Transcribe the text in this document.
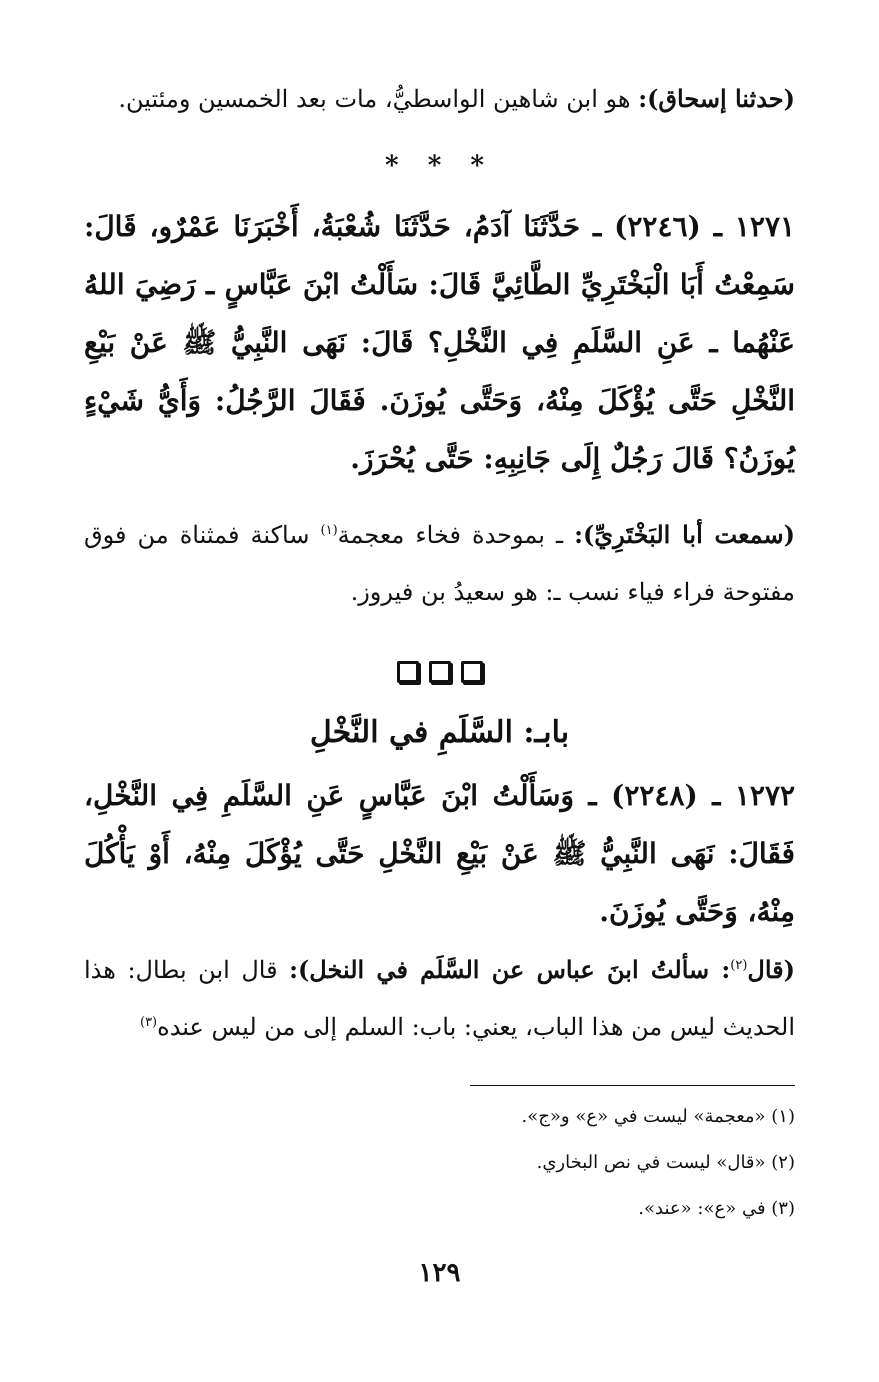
(حدثنا إسحاق): هو ابن شاهين الواسطيُّ، مات بعد الخمسين ومئتين.

* * *

١٢٧١ ـ (٢٢٤٦) ـ حَدَّثَنَا آدَمُ، حَدَّثَنَا شُعْبَةُ، أَخْبَرَنَا عَمْرٌو، قَالَ: سَمِعْتُ أَبَا الْبَخْتَرِيِّ الطَّائِيَّ قَالَ: سَأَلْتُ ابْنَ عَبَّاسٍ ـ رَضِيَ اللهُ عَنْهُما ـ عَنِ السَّلَمِ فِي النَّخْلِ؟ قَالَ: نَهَى النَّبِيُّ ﷺ عَنْ بَيْعِ النَّخْلِ حَتَّى يُؤْكَلَ مِنْهُ، وَحَتَّى يُوزَنَ. فَقَالَ الرَّجُلُ: وَأَيُّ شَيْءٍ يُوزَنُ؟ قَالَ رَجُلٌ إِلَى جَانِبِهِ: حَتَّى يُحْرَزَ.

(سمعت أبا البَخْتَرِيِّ): ـ بموحدة فخاء معجمة$^{(١)}$ ساكنة فمثناة من فوق مفتوحة فراء فياء نسب ـ: هو سعيدُ بن فيروز.

بابـ: السَّلَمِ في النَّخْلِ

١٢٧٢ ـ (٢٢٤٨) ـ وَسَأَلْتُ ابْنَ عَبَّاسٍ عَنِ السَّلَمِ فِي النَّخْلِ، فَقَالَ: نَهَى النَّبِيُّ ﷺ عَنْ بَيْعِ النَّخْلِ حَتَّى يُؤْكَلَ مِنْهُ، أَوْ يَأْكُلَ مِنْهُ، وَحَتَّى يُوزَنَ.

(قال$^{(٢)}$: سألتُ ابنَ عباس عن السَّلَم في النخل): قال ابن بطال: هذا الحديث ليس من هذا الباب، يعني: باب: السلم إلى من ليس عنده$^{(٣)}$

(١) «معجمة» ليست في «ع» و«ج».
(٢) «قال» ليست في نص البخاري.
(٣) في «ع»: «عند».
١٢٩
